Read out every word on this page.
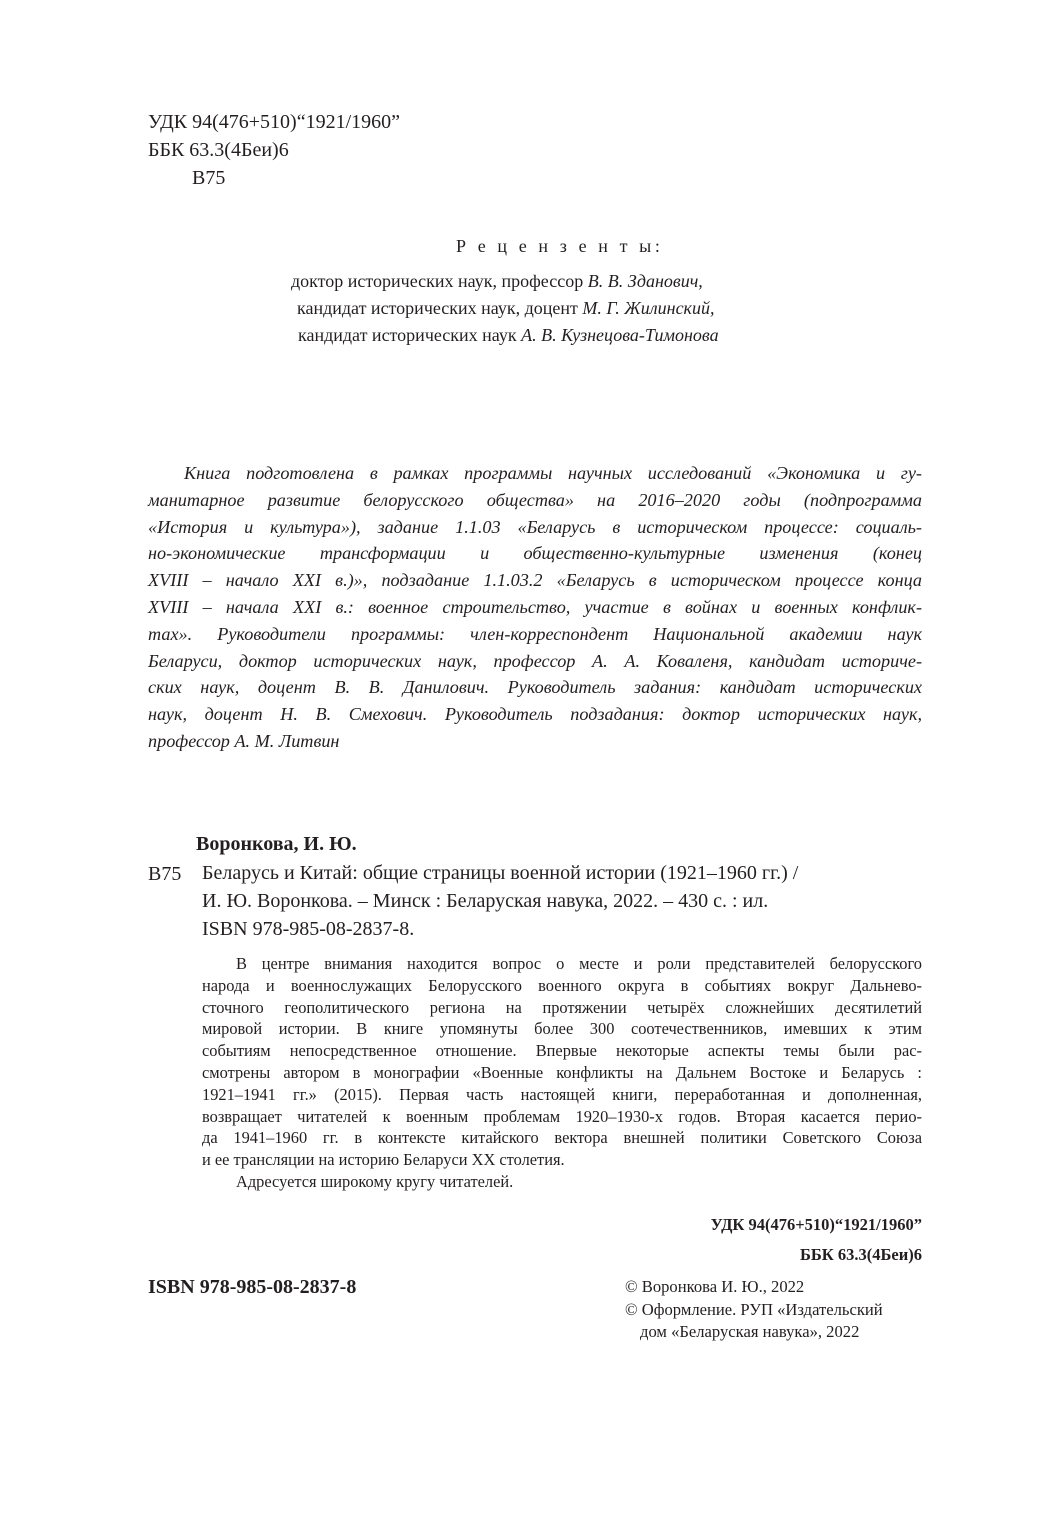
УДК 94(476+510)“1921/1960”
ББК 63.3(4Беи)6
В75
Р е ц е н з е н т ы:
доктор исторических наук, профессор В. В. Зданович,
кандидат исторических наук, доцент М. Г. Жилинский,
кандидат исторических наук А. В. Кузнецова-Тимонова
Книга подготовлена в рамках программы научных исследований «Экономика и гу-
манитарное развитие белорусского общества» на 2016–2020 годы (подпрограмма
«История и культура»), задание 1.1.03 «Беларусь в историческом процессе: социаль-
но-экономические трансформации и общественно-культурные изменения (конец
XVIII – начало XXI в.)», подзадание 1.1.03.2 «Беларусь в историческом процессе конца
XVIII – начала XXI в.: военное строительство, участие в войнах и военных конфлик-
тах». Руководители программы: член-корреспондент Национальной академии наук
Беларуси, доктор исторических наук, профессор А. А. Коваленя, кандидат историче-
ских наук, доцент В. В. Данилович. Руководитель задания: кандидат исторических
наук, доцент Н. В. Смехович. Руководитель подзадания: доктор исторических наук,
профессор А. М. Литвин
Воронкова, И. Ю.
В75 Беларусь и Китай: общие страницы военной истории (1921–1960 гг.) /
И. Ю. Воронкова. – Минск : Беларуская навука, 2022. – 430 с. : ил.
ISBN 978-985-08-2837-8.
В центре внимания находится вопрос о месте и роли представителей белорусского
народа и военнослужащих Белорусского военного округа в событиях вокруг Дальнево-
сточного геополитического региона на протяжении четырёх сложнейших десятилетий
мировой истории. В книге упомянуты более 300 соотечественников, имевших к этим
событиям непосредственное отношение. Впервые некоторые аспекты темы были рас-
смотрены автором в монографии «Военные конфликты на Дальнем Востоке и Беларусь :
1921–1941 гг.» (2015). Первая часть настоящей книги, переработанная и дополненная,
возвращает читателей к военным проблемам 1920–1930-х годов. Вторая касается перио-
да 1941–1960 гг. в контексте китайского вектора внешней политики Советского Союза
и ее трансляции на историю Беларуси XX столетия.
Адресуется широкому кругу читателей.
УДК 94(476+510)“1921/1960”
ББК 63.3(4Беи)6
ISBN 978-985-08-2837-8	© Воронкова И. Ю., 2022
© Оформление. РУП «Издательский
дом «Беларуская навука», 2022
